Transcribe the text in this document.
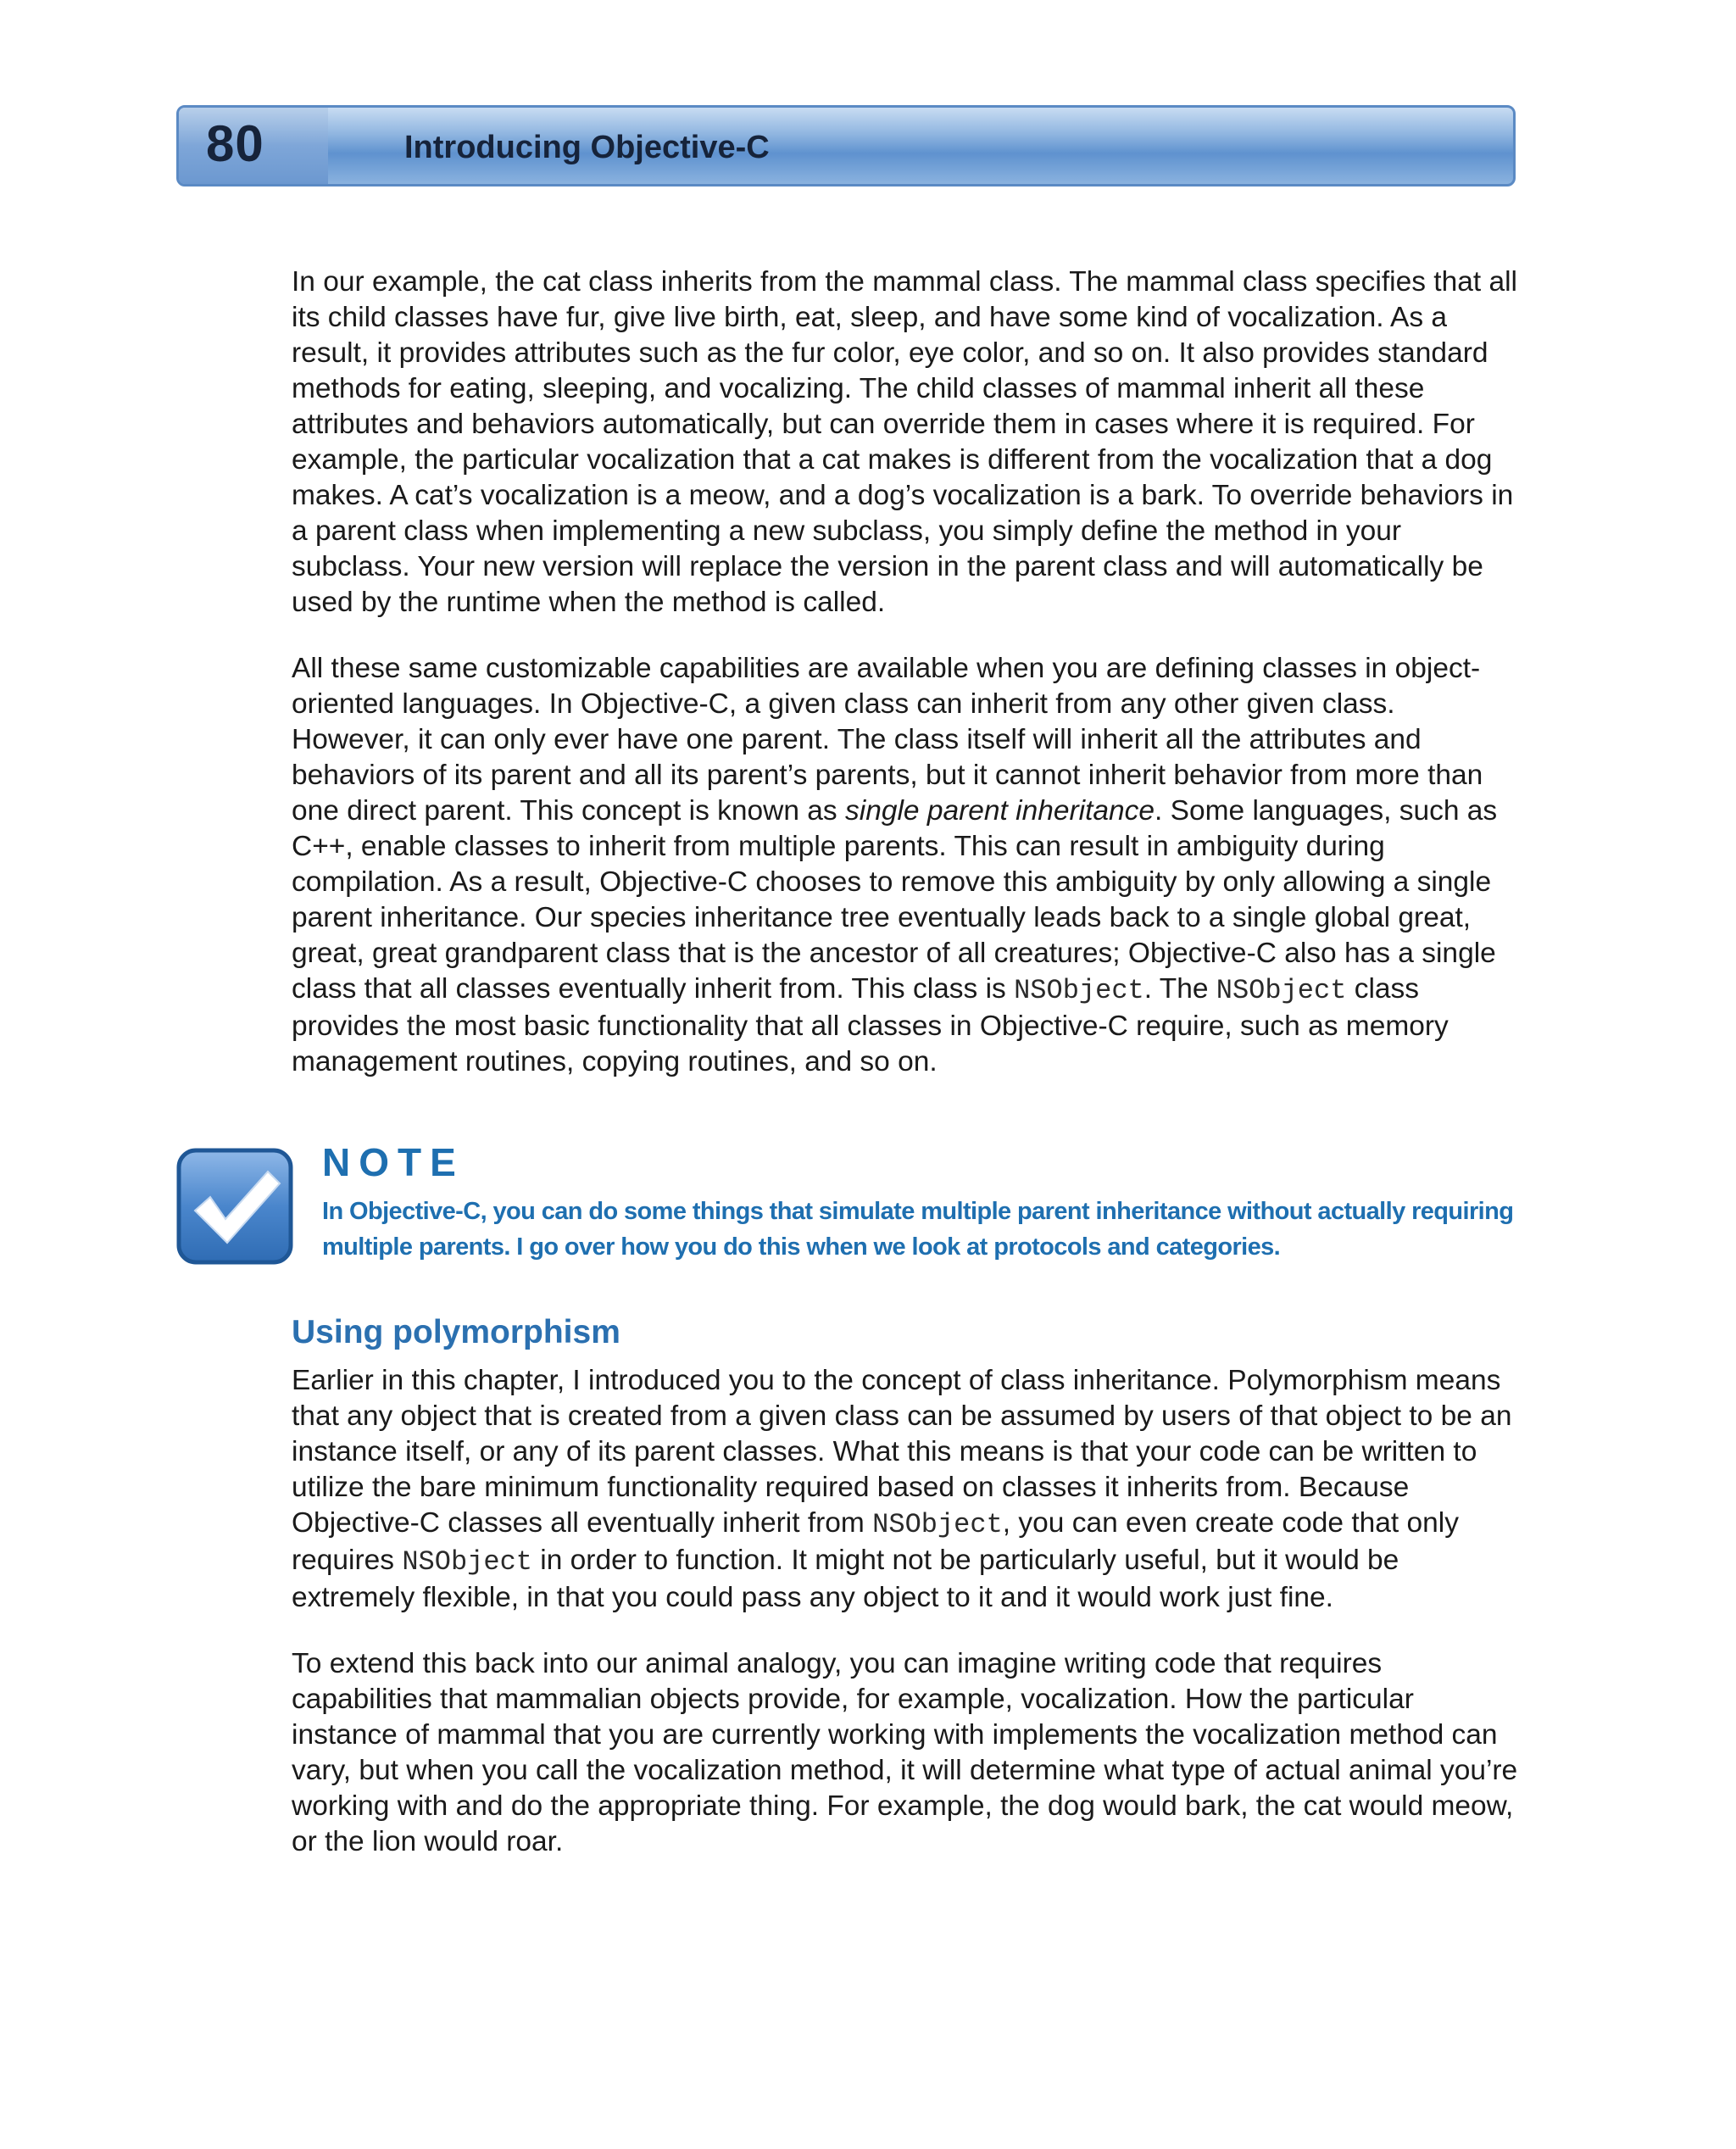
80	Introducing Objective-C

In our example, the cat class inherits from the mammal class. The mammal class specifies that all its child classes have fur, give live birth, eat, sleep, and have some kind of vocalization. As a result, it provides attributes such as the fur color, eye color, and so on. It also provides standard methods for eating, sleeping, and vocalizing. The child classes of mammal inherit all these attributes and behaviors automatically, but can override them in cases where it is required. For example, the particular vocalization that a cat makes is different from the vocalization that a dog makes. A cat’s vocalization is a meow, and a dog’s vocalization is a bark. To override behaviors in a parent class when implementing a new subclass, you simply define the method in your subclass. Your new version will replace the version in the parent class and will automatically be used by the runtime when the method is called.

All these same customizable capabilities are available when you are defining classes in object-oriented languages. In Objective-C, a given class can inherit from any other given class. However, it can only ever have one parent. The class itself will inherit all the attributes and behaviors of its parent and all its parent’s parents, but it cannot inherit behavior from more than one direct parent. This concept is known as single parent inheritance. Some languages, such as C++, enable classes to inherit from multiple parents. This can result in ambiguity during compilation. As a result, Objective-C chooses to remove this ambiguity by only allowing a single parent inheritance. Our species inheritance tree eventually leads back to a single global great, great, great grandparent class that is the ancestor of all creatures; Objective-C also has a single class that all classes eventually inherit from. This class is NSObject. The NSObject class provides the most basic functionality that all classes in Objective-C require, such as memory management routines, copying routines, and so on.

NOTE
In Objective-C, you can do some things that simulate multiple parent inheritance without actually requiring multiple parents. I go over how you do this when we look at protocols and categories.
Using polymorphism

Earlier in this chapter, I introduced you to the concept of class inheritance. Polymorphism means that any object that is created from a given class can be assumed by users of that object to be an instance itself, or any of its parent classes. What this means is that your code can be written to utilize the bare minimum functionality required based on classes it inherits from. Because Objective-C classes all eventually inherit from NSObject, you can even create code that only requires NSObject in order to function. It might not be particularly useful, but it would be extremely flexible, in that you could pass any object to it and it would work just fine.

To extend this back into our animal analogy, you can imagine writing code that requires capabilities that mammalian objects provide, for example, vocalization. How the particular instance of mammal that you are currently working with implements the vocalization method can vary, but when you call the vocalization method, it will determine what type of actual animal you’re working with and do the appropriate thing. For example, the dog would bark, the cat would meow, or the lion would roar.
